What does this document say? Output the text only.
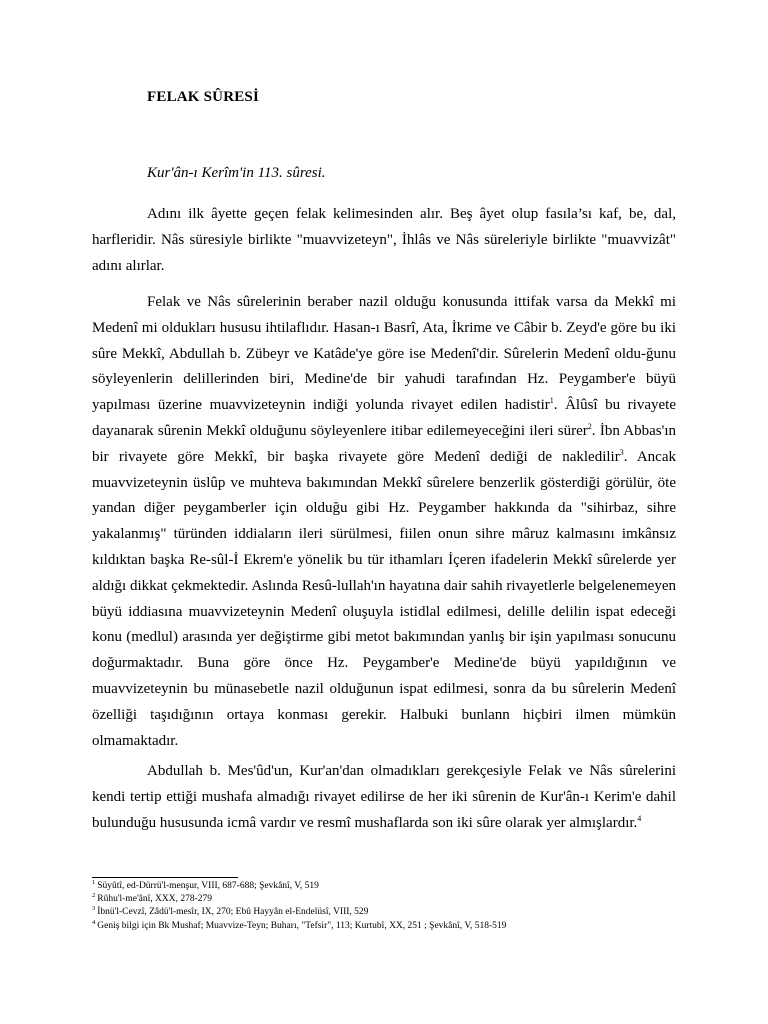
FELAK SÛRESİ
Kur'ân-ı Kerîm'in 113. sûresi.

Adını ilk âyette geçen felak kelimesinden alır. Beş âyet olup fasıla’sı kaf, be, dal, harfleridir. Nâs süresiyle birlikte "muavvizeteyn", İhlâs ve Nâs süreleriyle birlikte "muavvizât" adını alırlar.

Felak ve Nâs sûrelerinin beraber nazil olduğu konusunda ittifak varsa da Mekkî mi Medenî mi oldukları hususu ihtilaflıdır. Hasan-ı Basrî, Ata, İkrime ve Câbir b. Zeyd'e göre bu iki sûre Mekkî, Abdullah b. Zübeyr ve Katâde'ye göre ise Medenî'dir. Sûrelerin Medenî oldu-ğunu söyleyenlerin delillerinden biri, Medine'de bir yahudi tarafından Hz. Peygamber'e büyü yapılması üzerine muavvizeteynin indiği yolunda rivayet edilen hadistir$^1$. Âlûsî bu rivayete dayanarak sûrenin Mekkî olduğunu söyleyenlere itibar edilemeyeceğini ileri sürer$^2$. İbn Abbas'ın bir rivayete göre Mekkî, bir başka rivayete göre Medenî dediği de nakledilir$^3$. Ancak muavvizeteynin üslûp ve muhteva bakımından Mekkî sûrelere benzerlik gösterdiği görülür, öte yandan diğer peygamberler için olduğu gibi Hz. Peygamber hakkında da "sihirbaz, sihre yakalanmış" türünden iddiaların ileri sürülmesi, fiilen onun sihre mâruz kalmasını imkânsız kıldıktan başka Re-sûl-İ Ekrem'e yönelik bu tür ithamları İçeren ifadelerin Mekkî sûrelerde yer aldığı dikkat çekmektedir. Aslında Resû-lullah'ın hayatına dair sahih rivayetlerle belgelenemeyen büyü iddiasına muavvizeteynin Medenî oluşuyla istidlal edilmesi, delille delilin ispat edeceği konu (medlul) arasında yer değiştirme gibi metot bakımından yanlış bir işin yapılması sonucunu doğurmaktadır. Buna göre önce Hz. Peygamber'e Medine'de büyü yapıldığının ve muavvizeteynin bu münasebetle nazil olduğunun ispat edilmesi, sonra da bu sûrelerin Medenî özelliği taşıdığının ortaya konması gerekir. Halbuki bunlann hiçbiri ilmen mümkün olmamaktadır.

Abdullah b. Mes'ûd'un, Kur'an'dan olmadıkları gerekçesiyle Felak ve Nâs sûrelerini kendi tertip ettiği mushafa almadığı rivayet edilirse de her iki sûrenin de Kur'ân-ı Kerim'e dahil bulunduğu hususunda icmâ vardır ve resmî mushaflarda son iki sûre olarak yer almışlardır.$^4$

$^1$ Süyûtî, ed-Dürrü'l-menşur, VIII, 687-688; Şevkânî, V, 519
$^2$ Rûhu'l-me'ânî, XXX, 278-279
$^3$ İbnü'l-Cevzî, Zâdü'l-mesîr, IX, 270; Ebû Hayyân el-Endelüsî, VIII, 529
$^4$ Geniş bilgi için Bk Mushaf; Muavvize-Teyn; Buharı, "Tefsir", 113; Kurtubî, XX, 251 ; Şevkânî, V, 518-519
